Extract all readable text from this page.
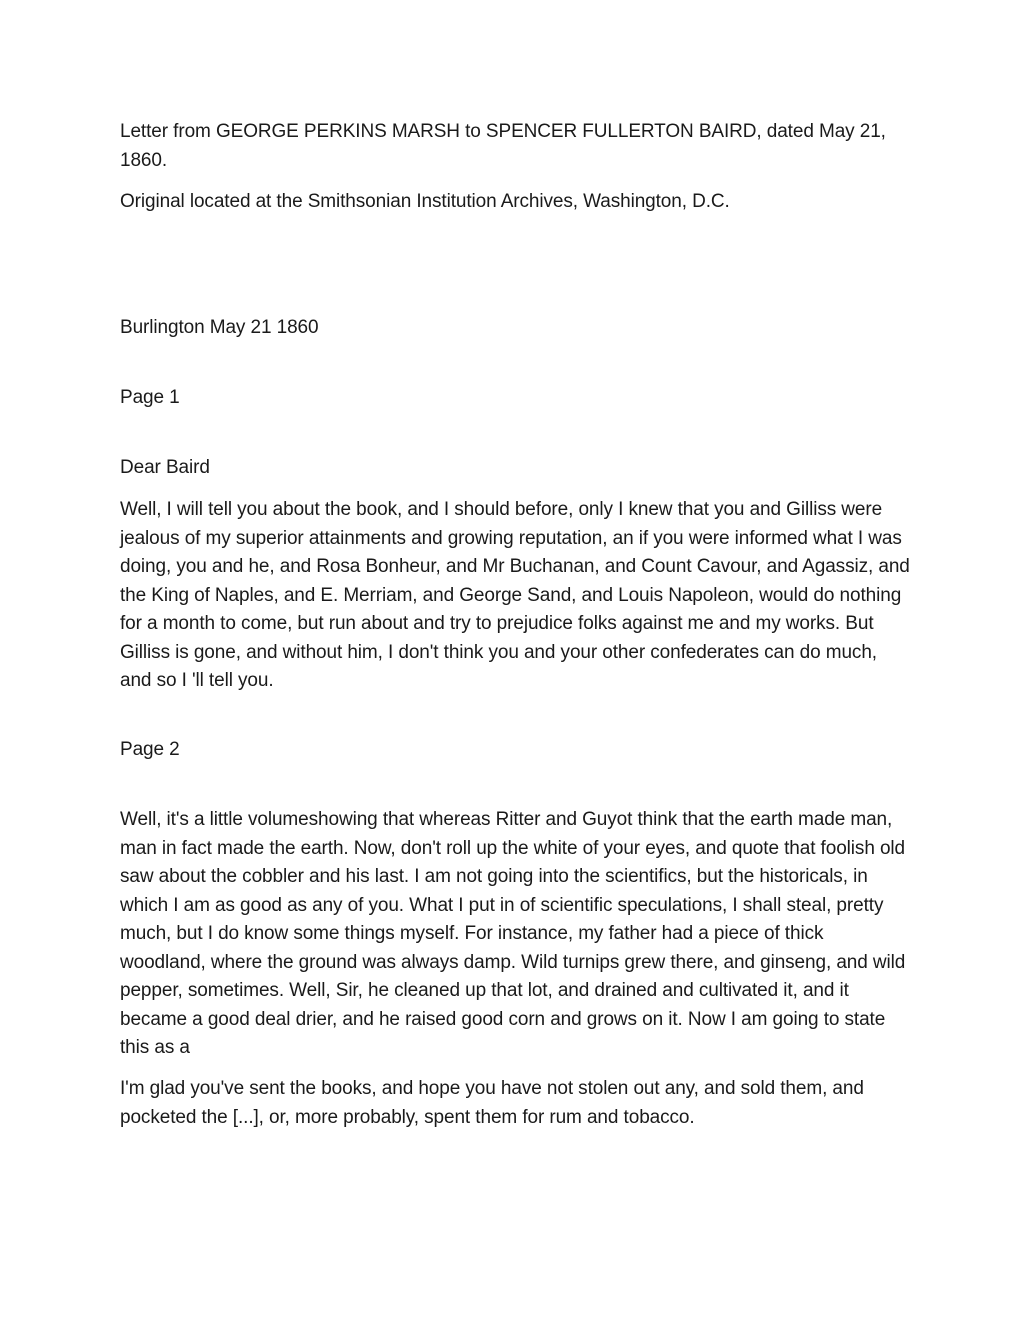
Letter from GEORGE PERKINS MARSH to SPENCER FULLERTON BAIRD, dated May 21, 1860.

Original located at the Smithsonian Institution Archives, Washington, D.C.

Burlington May 21 1860

Page 1

Dear Baird

Well, I will tell you about the book, and I should before, only I knew that you and Gilliss were jealous of my superior attainments and growing reputation, an if you were informed what I was doing, you and he, and Rosa Bonheur, and Mr Buchanan, and Count Cavour, and Agassiz, and the King of Naples, and E. Merriam, and George Sand, and Louis Napoleon, would do nothing for a month to come, but run about and try to prejudice folks against me and my works. But Gilliss is gone, and without him, I don't think you and your other confederates can do much, and so I 'll tell you.

Page 2

Well, it's a little volumeshowing that whereas Ritter and Guyot think that the earth made man, man in fact made the earth. Now, don't roll up the white of your eyes, and quote that foolish old saw about the cobbler and his last. I am not going into the scientifics, but the historicals, in which I am as good as any of you. What I put in of scientific speculations, I shall steal, pretty much, but I do know some things myself. For instance, my father had a piece of thick woodland, where the ground was always damp. Wild turnips grew there, and ginseng, and wild pepper, sometimes. Well, Sir, he cleaned up that lot, and drained and cultivated it, and it became a good deal drier, and he raised good corn and grows on it. Now I am going to state this as a

I'm glad you've sent the books, and hope you have not stolen out any, and sold them, and pocketed the [...], or, more probably, spent them for rum and tobacco.
